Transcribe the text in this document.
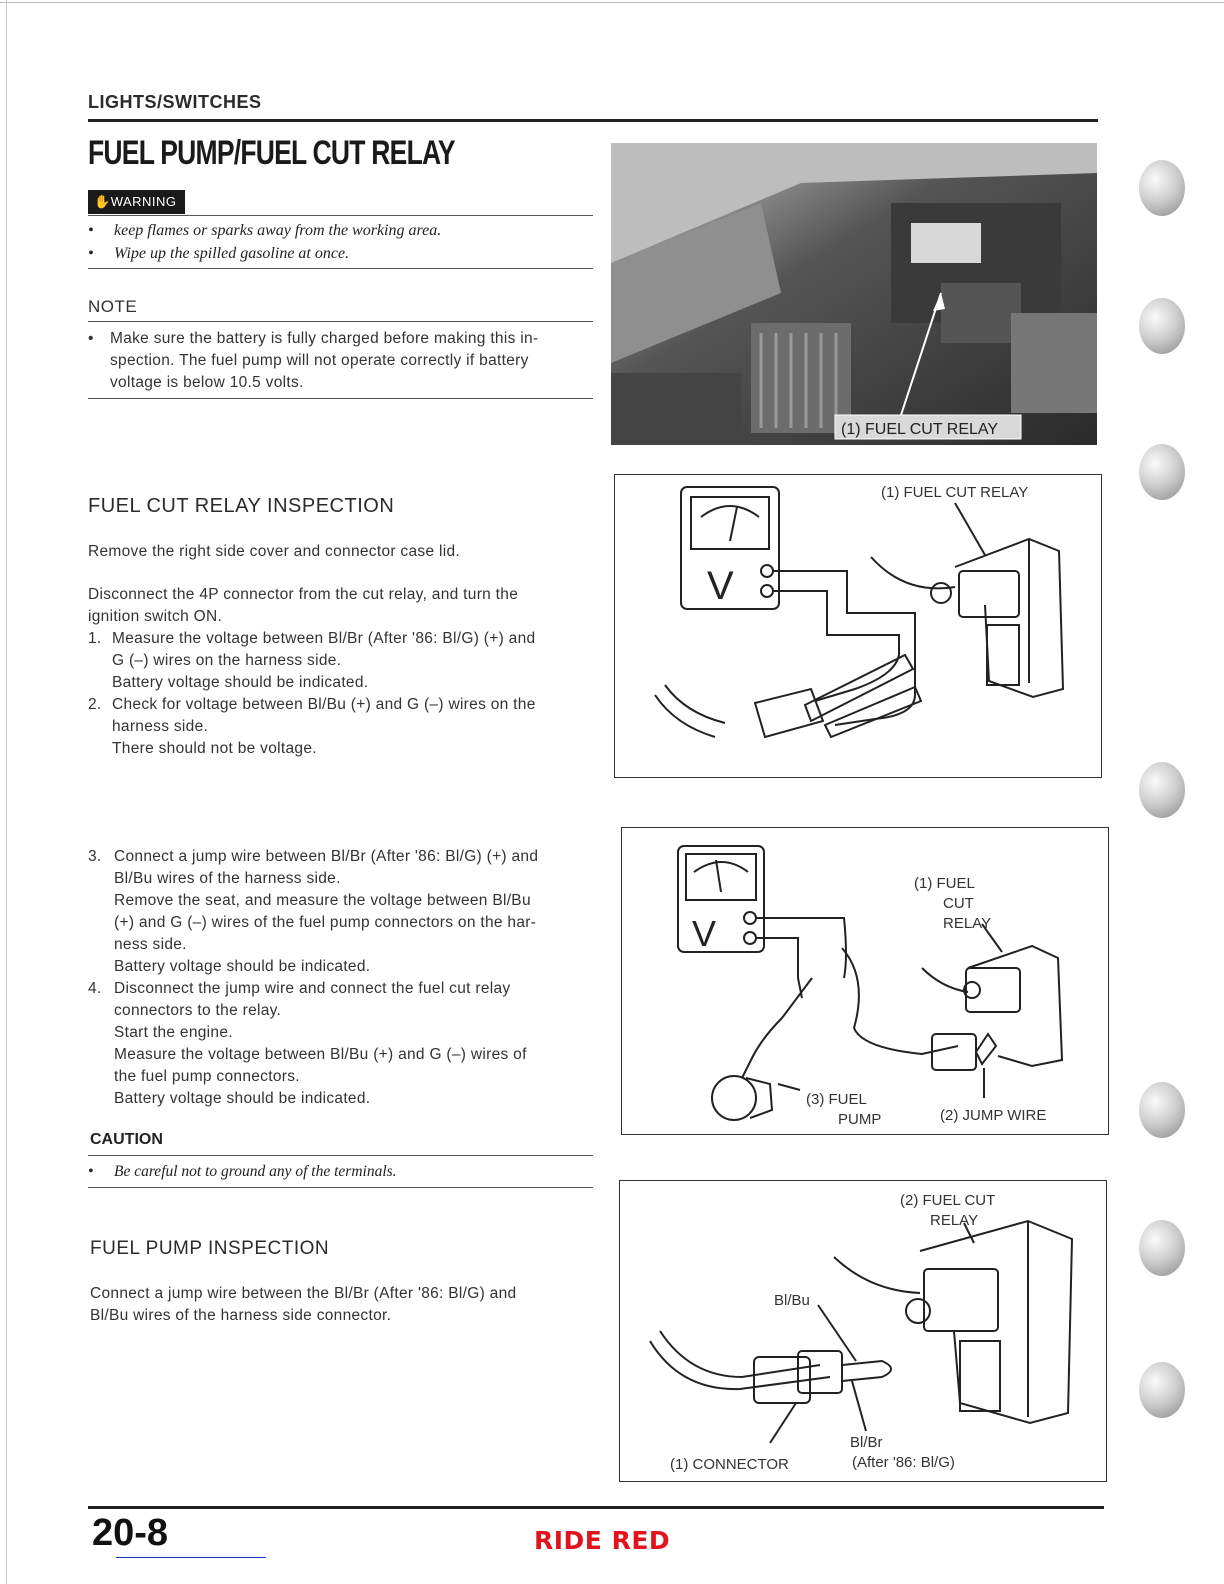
LIGHTS/SWITCHES
FUEL PUMP/FUEL CUT RELAY
✋WARNING
• keep flames or sparks away from the working area.
• Wipe up the spilled gasoline at once.
NOTE
• Make sure the battery is fully charged before making this in-
spection. The fuel pump will not operate correctly if battery
voltage is below 10.5 volts.
FUEL CUT RELAY INSPECTION
Remove the right side cover and connector case lid.
Disconnect the 4P connector from the cut relay, and turn the
ignition switch ON.
1. Measure the voltage between Bl/Br (After '86: Bl/G) (+) and
G (–) wires on the harness side.
Battery voltage should be indicated.
2. Check for voltage between Bl/Bu (+) and G (–) wires on the
harness side.
There should not be voltage.
3. Connect a jump wire between Bl/Br (After '86: Bl/G) (+) and
Bl/Bu wires of the harness side.
Remove the seat, and measure the voltage between Bl/Bu
(+) and G (–) wires of the fuel pump connectors on the har-
ness side.
Battery voltage should be indicated.
4. Disconnect the jump wire and connect the fuel cut relay
connectors to the relay.
Start the engine.
Measure the voltage between Bl/Bu (+) and G (–) wires of
the fuel pump connectors.
Battery voltage should be indicated.
CAUTION
• Be careful not to ground any of the terminals.
FUEL PUMP INSPECTION
Connect a jump wire between the Bl/Br (After '86: Bl/G) and
Bl/Bu wires of the harness side connector.
(1) FUEL CUT RELAY
V
(1) FUEL CUT RELAY
V
(1) FUEL
CUT
RELAY
(2) JUMP WIRE
(3) FUEL
PUMP
(2) FUEL CUT
RELAY
Bl/Bu
Bl/Br
(After '86: Bl/G)
(1) CONNECTOR
20-8	RIDE RED
